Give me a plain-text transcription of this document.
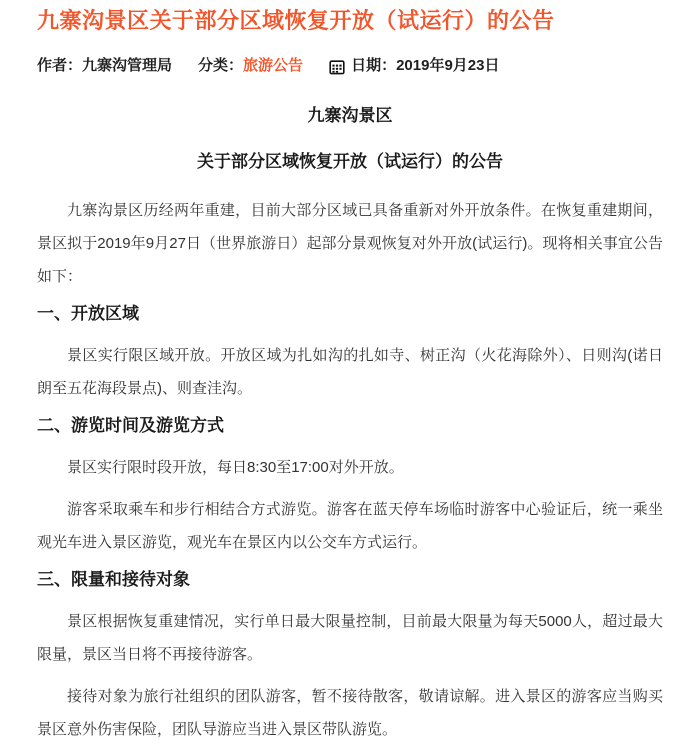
九寨沟景区关于部分区域恢复开放（试运行）的公告
作者： 九寨沟管理局 分类： 旅游公告	日期： 2019年9月23日
九寨沟景区
关于部分区域恢复开放（试运行）的公告

九寨沟景区历经两年重建，目前大部分区域已具备重新对外开放条件。在恢复重建期间，景区拟于2019年9月27日（世界旅游日）起部分景观恢复对外开放(试运行)。现将相关事宜公告如下：

一、开放区域

景区实行限区域开放。开放区域为扎如沟的扎如寺、树正沟（火花海除外）、日则沟(诺日朗至五花海段景点)、则查洼沟。

二、游览时间及游览方式

景区实行限时段开放，每日8:30至17:00对外开放。

游客采取乘车和步行相结合方式游览。游客在蓝天停车场临时游客中心验证后，统一乘坐观光车进入景区游览，观光车在景区内以公交车方式运行。

三、限量和接待对象

景区根据恢复重建情况，实行单日最大限量控制，目前最大限量为每天5000人，超过最大限量，景区当日将不再接待游客。

接待对象为旅行社组织的团队游客，暂不接待散客，敬请谅解。进入景区的游客应当购买景区意外伤害保险，团队导游应当进入景区带队游览。
